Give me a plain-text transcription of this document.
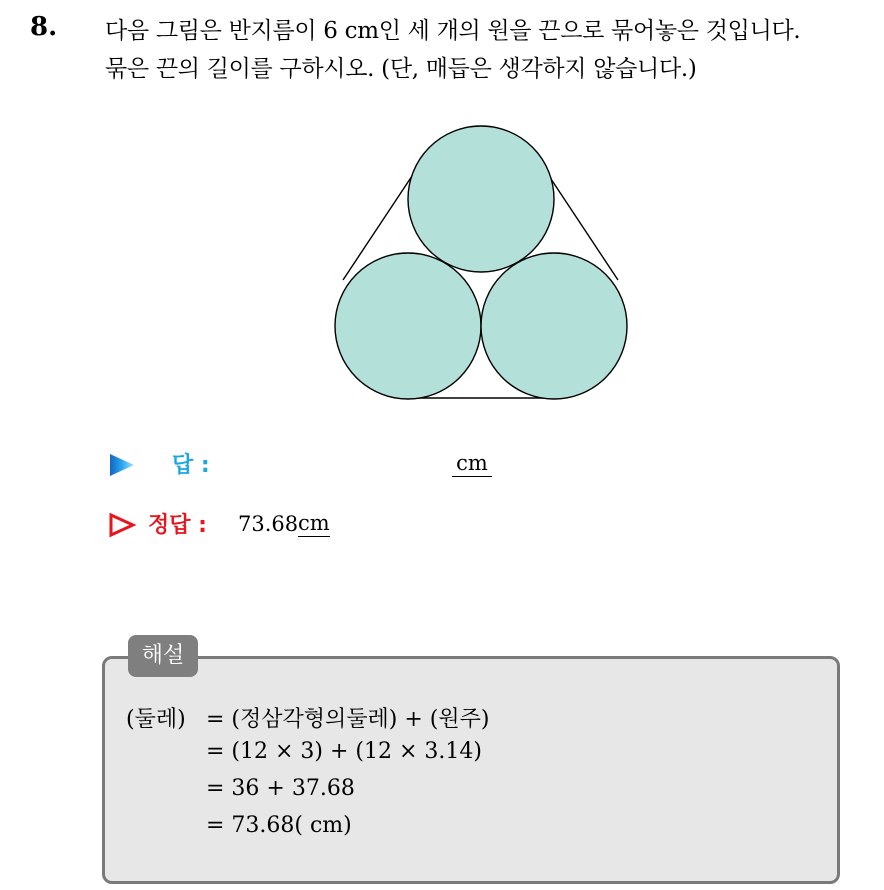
8. 다음 그림은 반지름이 6 cm인 세 개의 원을 끈으로 묶어놓은 것입니다.
묶은 끈의 길이를 구하시오. (단, 매듭은 생각하지 않습니다.)
답 :	cm
정답 : 73.68 cm
해설
(둘레) = (정삼각형의둘레) + (원주)
= (12 × 3) + (12 × 3.14)
= 36 + 37.68
= 73.68( cm)
